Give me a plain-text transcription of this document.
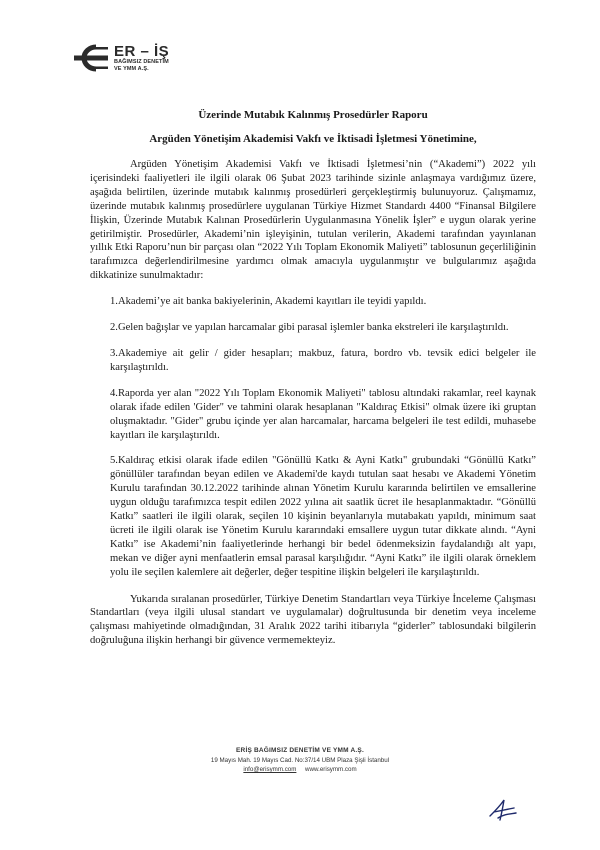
ER – İŞ
BAĞIMSIZ DENETİM
VE YMM A.Ş.

Üzerinde Mutabık Kalınmış Prosedürler Raporu

Argüden Yönetişim Akademisi Vakfı ve İktisadi İşletmesi Yönetimine,

Argüden Yönetişim Akademisi Vakfı ve İktisadi İşletmesi’nin (“Akademi”) 2022 yılı içerisindeki faaliyetleri ile ilgili olarak 06 Şubat 2023 tarihinde sizinle anlaşmaya vardığımız üzere, aşağıda belirtilen, üzerinde mutabık kalınmış prosedürleri gerçekleştirmiş bulunuyoruz. Çalışmamız, üzerinde mutabık kalınmış prosedürlere uygulanan Türkiye Hizmet Standardı 4400 “Finansal Bilgilere İlişkin, Üzerinde Mutabık Kalınan Prosedürlerin Uygulanmasına Yönelik İşler” e uygun olarak yerine getirilmiştir. Prosedürler, Akademi’nin işleyişinin, tutulan verilerin, Akademi tarafından yayınlanan yıllık Etki Raporu’nun bir parçası olan “2022 Yılı Toplam Ekonomik Maliyeti” tablosunun geçerliliğinin tarafımızca değerlendirilmesine yardımcı olmak amacıyla uygulanmıştır ve bulgularımız aşağıda dikkatinize sunulmaktadır:

1.Akademi’ye ait banka bakiyelerinin, Akademi kayıtları ile teyidi yapıldı.

2.Gelen bağışlar ve yapılan harcamalar gibi parasal işlemler banka ekstreleri ile karşılaştırıldı.

3.Akademiye ait gelir / gider hesapları; makbuz, fatura, bordro vb. tevsik edici belgeler ile karşılaştırıldı.

4.Raporda yer alan "2022 Yılı Toplam Ekonomik Maliyeti" tablosu altındaki rakamlar, reel kaynak olarak ifade edilen 'Gider" ve tahmini olarak hesaplanan "Kaldıraç Etkisi" olmak üzere iki gruptan oluşmaktadır. "Gider" grubu içinde yer alan harcamalar, harcama belgeleri ile test edildi, muhasebe kayıtları ile karşılaştırıldı.

5.Kaldıraç etkisi olarak ifade edilen "Gönüllü Katkı & Ayni Katkı" grubundaki “Gönüllü Katkı” gönüllüler tarafından beyan edilen ve Akademi'de kaydı tutulan saat hesabı ve Akademi Yönetim Kurulu tarafından 30.12.2022 tarihinde alınan Yönetim Kurulu kararında belirtilen ve emsallerine uygun olduğu tarafımızca tespit edilen 2022 yılına ait saatlik ücret ile hesaplanmaktadır. “Gönüllü Katkı” saatleri ile ilgili olarak, seçilen 10 kişinin beyanlarıyla mutabakatı yapıldı, minimum saat ücreti ile ilgili olarak ise Yönetim Kurulu kararındaki emsallere uygun tutar dikkate alındı. “Ayni Katkı” ise Akademi’nin faaliyetlerinde herhangi bir bedel ödenmeksizin faydalandığı alt yapı, mekan ve diğer ayni menfaatlerin emsal parasal karşılığıdır. “Ayni Katkı” ile ilgili olarak örneklem yolu ile seçilen kalemlere ait değerler, değer tespitine ilişkin belgeleri ile karşılaştırıldı.

Yukarıda sıralanan prosedürler, Türkiye Denetim Standartları veya Türkiye İnceleme Çalışması Standartları (veya ilgili ulusal standart ve uygulamalar) doğrultusunda bir denetim veya inceleme çalışması mahiyetinde olmadığından, 31 Aralık 2022 tarihi itibarıyla “giderler” tablosundaki bilgilerin doğruluğuna ilişkin herhangi bir güvence vermemekteyiz.

ERİŞ BAĞIMSIZ DENETİM VE YMM A.Ş.
19 Mayıs Mah. 19 Mayıs Cad. No:37/14 UBM Plaza Şişli İstanbul
info@erisymm.com www.erisymm.com
